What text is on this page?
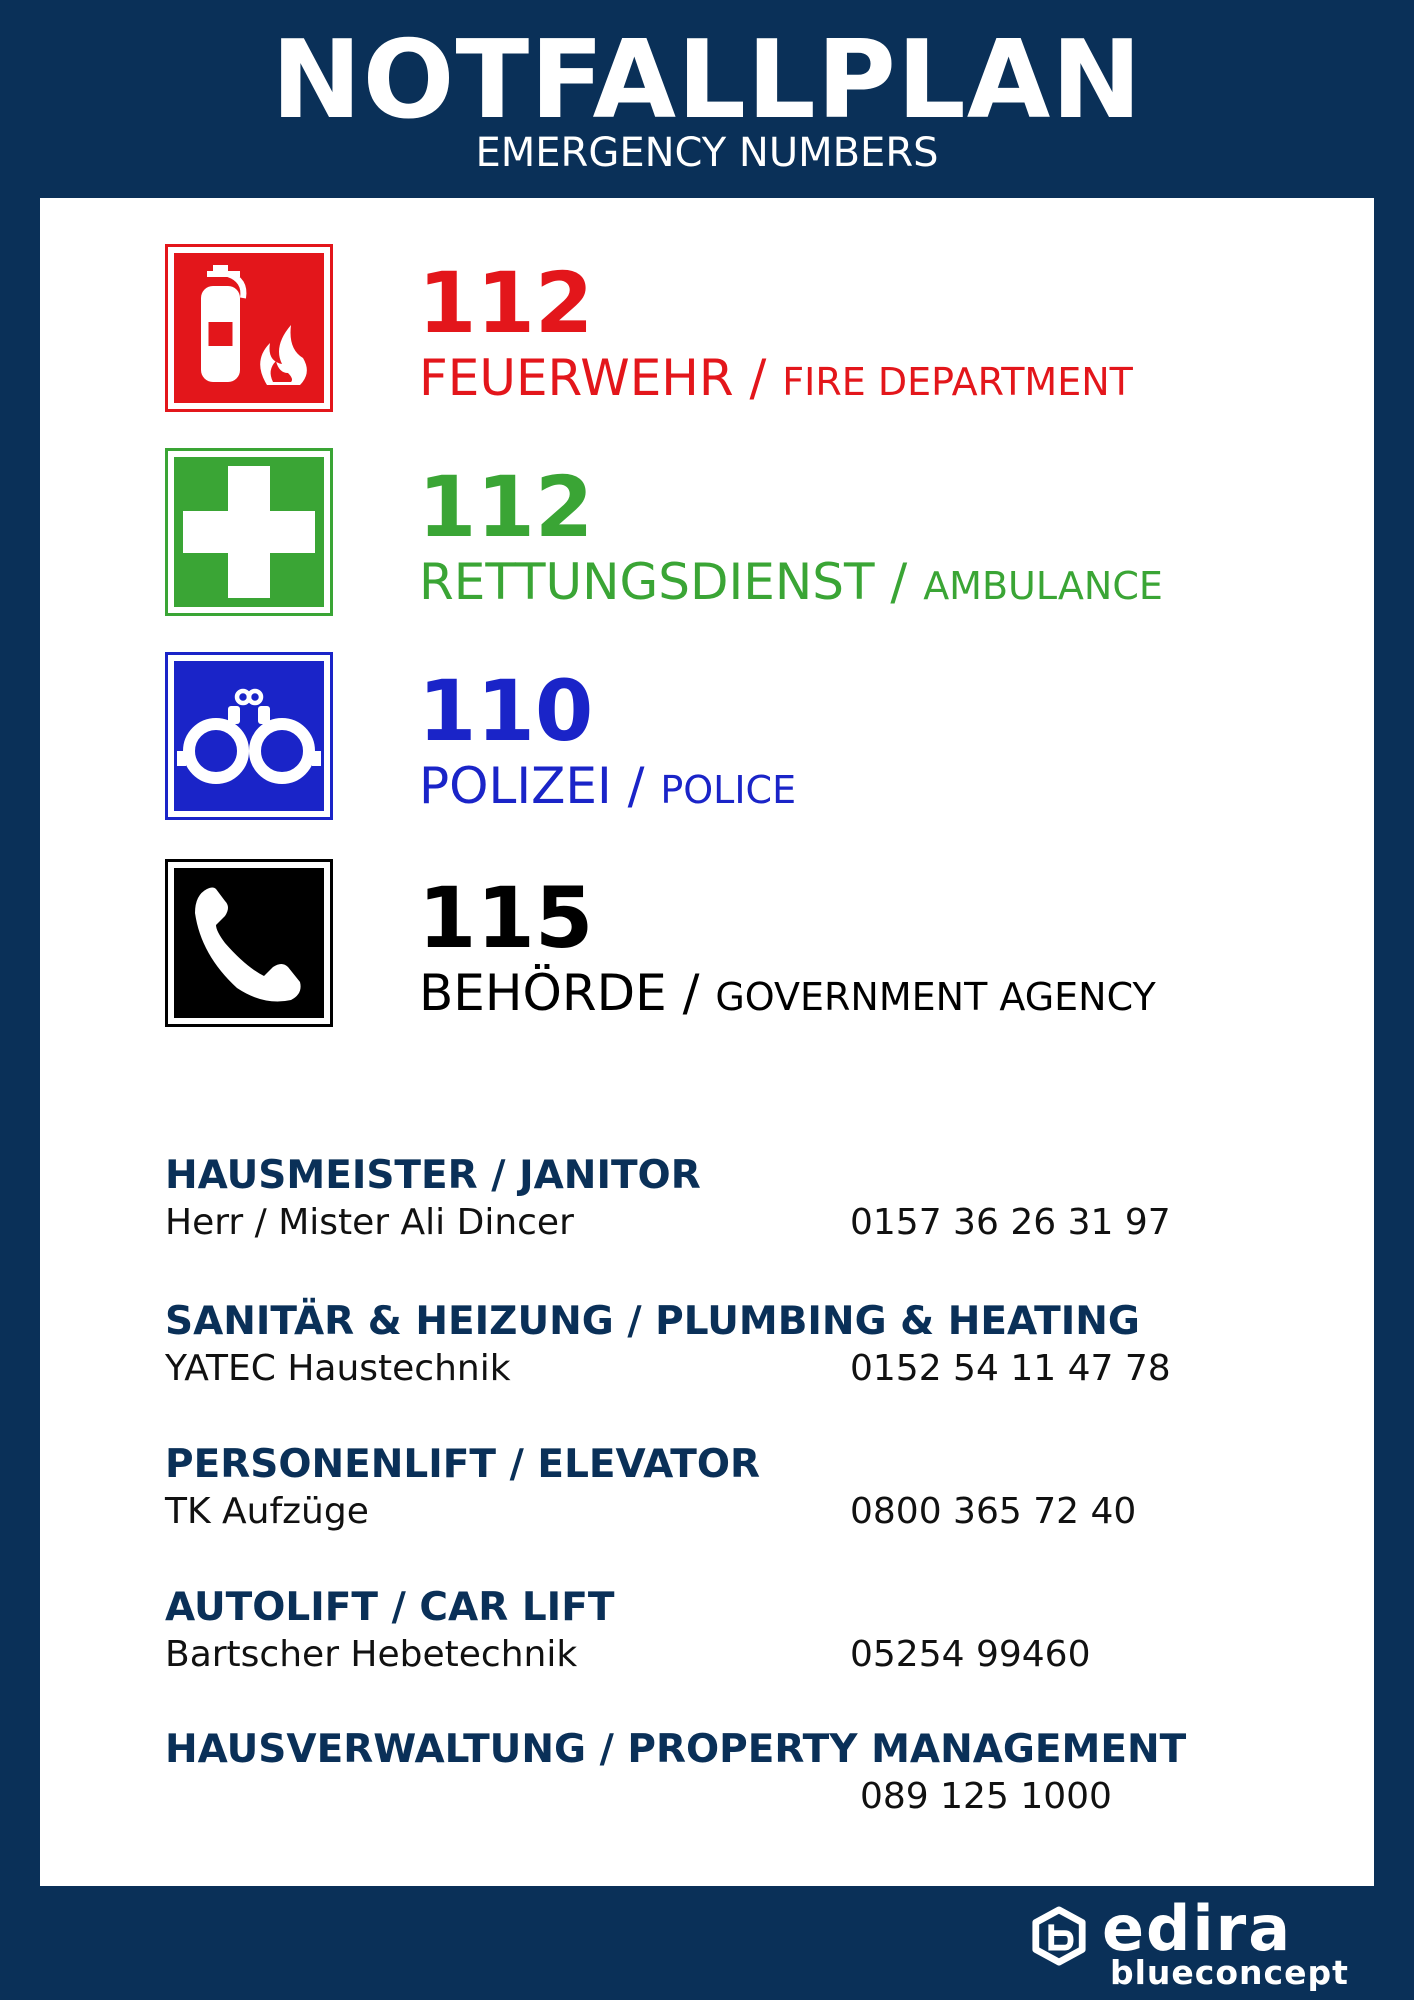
NOTFALLPLAN
EMERGENCY NUMBERS
112
FEUERWEHR / FIRE DEPARTMENT
112
RETTUNGSDIENST / AMBULANCE
110
POLIZEI / POLICE
115
BEHÖRDE / GOVERNMENT AGENCY
HAUSMEISTER / JANITOR
Herr / Mister Ali Dincer	0157 36 26 31 97
SANITÄR & HEIZUNG / PLUMBING & HEATING
YATEC Haustechnik	0152 54 11 47 78
PERSONENLIFT / ELEVATOR
TK Aufzüge	0800 365 72 40
AUTOLIFT / CAR LIFT
Bartscher Hebetechnik	05254 99460
HAUSVERWALTUNG / PROPERTY MANAGEMENT
089 125 1000
edira
blueconcept
